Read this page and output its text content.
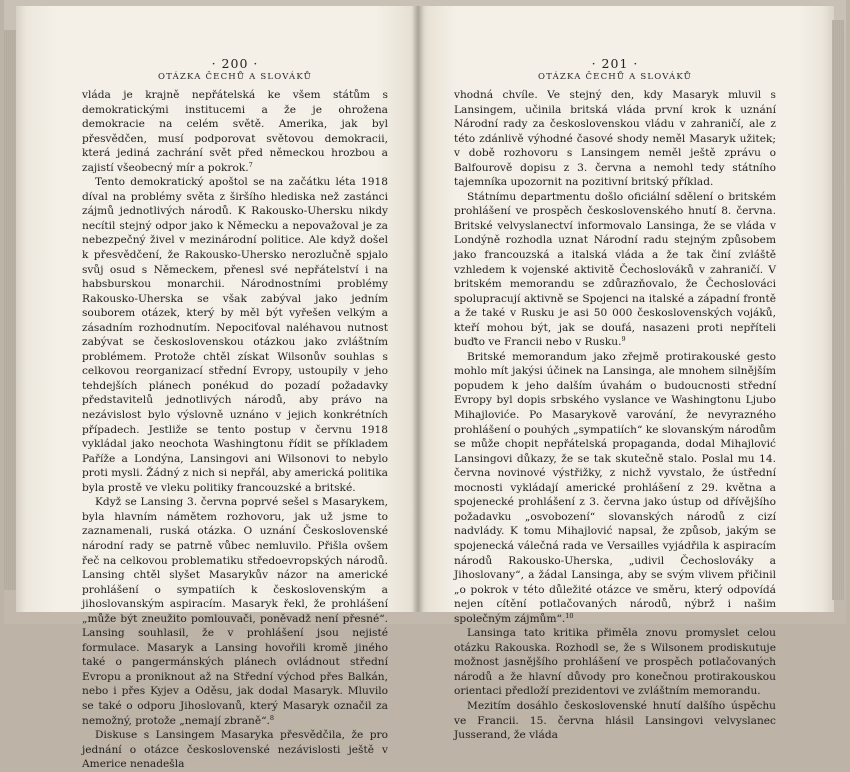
· 200 ·
OTÁZKA ČECHŮ A SLOVÁKŮ

vláda je krajně nepřátelská ke všem státům s demokratickými institucemi a že je ohrožena demokracie na celém světě. Amerika, jak byl přesvědčen, musí podporovat světovou demokracii, která jediná zachrání svět před německou hrozbou a zajistí všeobecný mír a pokrok.$^7$

Tento demokratický apoštol se na začátku léta 1918 díval na problémy světa z širšího hlediska než zastánci zájmů jednotlivých národů. K Rakousko-Uhersku nikdy necítil stejný odpor jako k Německu a nepovažoval je za nebezpečný živel v mezinárodní politice. Ale když došel k přesvědčení, že Rakousko-Uhersko nerozlučně spjalo svůj osud s Německem, přenesl své nepřátelství i na habsburskou monarchii. Národnostními problémy Rakousko-Uherska se však zabýval jako jedním souborem otázek, který by měl být vyřešen velkým a zásadním rozhodnutím. Nepociťoval naléhavou nutnost zabývat se československou otázkou jako zvláštním problémem. Protože chtěl získat Wilsonův souhlas s celkovou reorganizací střední Evropy, ustoupily v jeho tehdejších plánech ponékud do pozadí požadavky představitelů jednotlivých národů, aby právo na nezávislost bylo výslovně uznáno v jejich konkrétních případech. Jestliže se tento postup v červnu 1918 vykládal jako neochota Washingtonu řídit se příkladem Paříže a Londýna, Lansingovi ani Wilsonovi to nebylo proti mysli. Žádný z nich si nepřál, aby americká politika byla prostě ve vleku politiky francouzské a britské.

Když se Lansing 3. června poprvé sešel s Masarykem, byla hlavním námětem rozhovoru, jak už jsme to zaznamenali, ruská otázka. O uznání Československé národní rady se patrně vůbec nemluvilo. Přišla ovšem řeč na celkovou problematiku středoevropských národů. Lansing chtěl slyšet Masarykův názor na americké prohlášení o sympatiích k československým a jihoslovanským aspiracím. Masaryk řekl, že prohlášení „může být zneužito pomlouvači, poněvadž není přesné“. Lansing souhlasil, že v prohlášení jsou nejisté formulace. Masaryk a Lansing hovořili kromě jiného také o pangermánských plánech ovládnout střední Evropu a proniknout až na Střední východ přes Balkán, nebo i přes Kyjev a Oděsu, jak dodal Masaryk. Mluvilo se také o odporu Jihoslovanů, který Masaryk označil za nemožný, protože „nemají zbraně“.$^8$

Diskuse s Lansingem Masaryka přesvědčila, že pro jednání o otázce československé nezávislosti ještě v Americe nenadešla

· 201 ·
OTÁZKA ČECHŮ A SLOVÁKŮ

vhodná chvíle. Ve stejný den, kdy Masaryk mluvil s Lansingem, učinila britská vláda první krok k uznání Národní rady za československou vládu v zahraničí, ale z této zdánlivě výhodné časové shody neměl Masaryk užitek; v době rozhovoru s Lansingem neměl ještě zprávu o Balfourově dopisu z 3. června a nemohl tedy státního tajemníka upozornit na pozitivní britský příklad.

Státnímu departmentu došlo oficiální sdělení o britském prohlášení ve prospěch československého hnutí 8. června. Britské velvyslanectví informovalo Lansinga, že se vláda v Londýně rozhodla uznat Národní radu stejným způsobem jako francouzská a italská vláda a že tak činí zvláště vzhledem k vojenské aktivitě Čechoslováků v zahraničí. V britském memorandu se zdůrazňovalo, že Čechoslováci spolupracují aktivně se Spojenci na italské a západní frontě a že také v Rusku je asi 50 000 československých vojáků, kteří mohou být, jak se doufá, nasazeni proti nepříteli buďto ve Francii nebo v Rusku.$^9$

Britské memorandum jako zřejmě protirakouské gesto mohlo mít jakýsi účinek na Lansinga, ale mnohem silnějším popudem k jeho dalším úvahám o budoucnosti střední Evropy byl dopis srbského vyslance ve Washingtonu Ljubo Mihajloviće. Po Masarykově varování, že nevyrazného prohlášení o pouhých „sympatiích“ ke slovanským národům se může chopit nepřátelská propaganda, dodal Mihajlović Lansingovi důkazy, že se tak skutečně stalo. Poslal mu 14. června novinové výstřižky, z nichž vyvstalo, že ústřední mocnosti vykládají americké prohlášení z 29. května a spojenecké prohlášení z 3. června jako ústup od dřívějšího požadavku „osvobození“ slovanských národů z cizí nadvlády. K tomu Mihajlović napsal, že způsob, jakým se spojenecká válečná rada ve Versailles vyjádřila k aspiracím národů Rakousko-Uherska, „udivil Čechoslováky a Jihoslovany“, a žádal Lansinga, aby se svým vlivem přičinil „o pokrok v této důležité otázce ve směru, který odpovídá nejen cítění potlačovaných národů, nýbrž i našim společným zájmům“.$^{10}$

Lansinga tato kritika přiměla znovu promyslet celou otázku Rakouska. Rozhodl se, že s Wilsonem prodiskutuje možnost jasnějšího prohlášení ve prospěch potlačovaných národů a že hlavní důvody pro konečnou protirakouskou orientaci předloží prezidentovi ve zvláštním memorandu.

Mezitím dosáhlo československé hnutí dalšího úspěchu ve Francii. 15. června hlásil Lansingovi velvyslanec Jusserand, že vláda
